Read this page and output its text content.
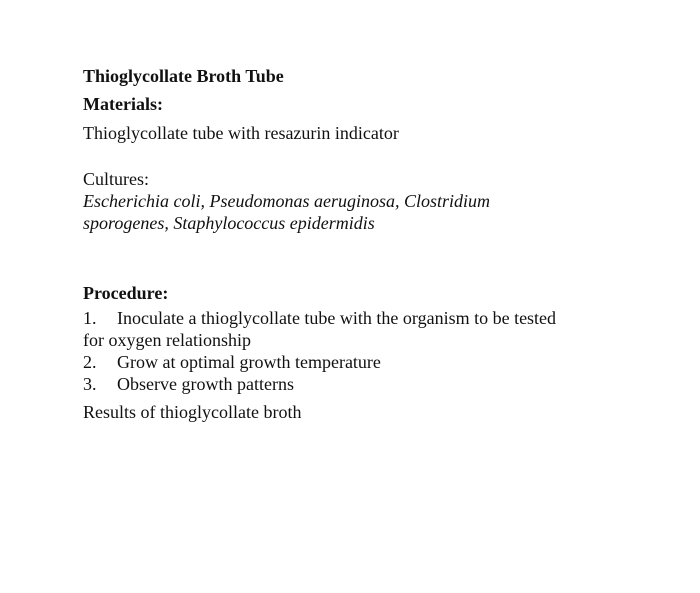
Thioglycollate Broth Tube
Materials:

Thioglycollate tube with resazurin indicator

Cultures:

Escherichia coli, Pseudomonas aeruginosa, Clostridium

sporogenes, Staphylococcus epidermidis

Procedure:
1. Inoculate a thioglycollate tube with the organism to be tested
for oxygen relationship
2. Grow at optimal growth temperature
3. Observe growth patterns

Results of thioglycollate broth
